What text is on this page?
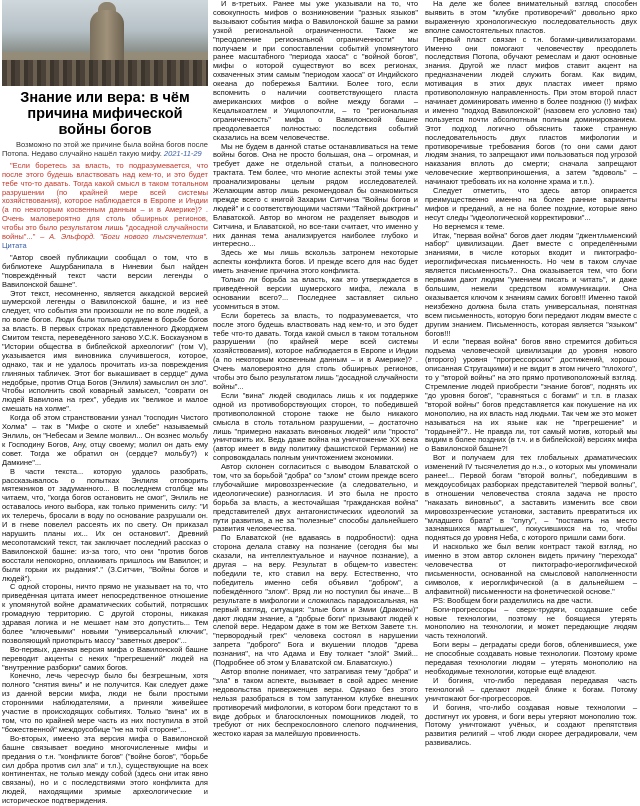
Знание или вера: в чём причина мифической войны богов
Возможно по этой же причине была война богов после Потопа. Недаво случайно нашёл такую мифу. 2021-11-29

"Если боретесь за власть, то подразумевается, что после этого будешь властвовать над кем-то, и это будет тебе что-то давать. Тогда какой смысл в таком тотальном разрушении (по крайней мере всей системы хозяйствования), которое наблюдается в Европе и Индии (а по некоторым косвенным данным – и в Америке)? . Очень маловероятно для столь обширных регионов, чтобы это было результатом лишь "досадной случайности войны"..." – А. Эльфорд. "Боги нового тысячелетия". Цитата

"Автор своей публикации сообщал о том, что в библиотеке Ашурбанипала в Ниневии был найден "повреждённый текст части версии легенды о Вавилонской башне".

Этот текст, несомненно, является аккадской версией шумерской легенды о Вавилонской башне, и из неё следует, что события эти произошли не по воле людей, а по воле богов. Люди были только орудием в борьбе богов за власть. В первых строках представленного Джорджем Смитом текста, переведённого заново У.С.К. Боскауэном в "Истории общества в библейской археологии" (том V), указывается имя виновника случившегося, которое, однако, так и не удалось прочитать из-за повреждения глиняных табличек. Этот бог выкашивает в сердце" дума недобрые, против Отца Богов (Энлиля) замыслил он зло". Чтобы исполнить свой коварный замысел, "соврати он людей Вавилона на грех", убедив их "великое и малое смешать на холме".

Когда об этом странствовании узнал "господин Чистого Холма" – так в "Мифе о скоте и хлебе" называемый Энлиль, он "Небесам и Земле молвил... Он вознес мольбу к Господину Богов, Ану, отцу своему; молил он дать ему совет. Тогда же обратил он (сердце? мольбу?) к Дамкине"...

В части текста... которую удалось разобрать, рассказывалось о попытках Энлиля отговорить мятежников от задуманного... В последнем столбце мы читаем, что, "когда богов остановить не смог", Энлиль не оставалось иного выбора, как только применить силу: "И их телеречь, бросали в воду по основание разрушали он. И в гневе повелел рассеять их по свету. Он приказал нарушить планы их... Их он остановил". Древний месопотамский текст, так заключает последний рассказ о Вавилонской башне: из-за того, что они "против богов восстали непокорно, оплакивать пришлось им Вавилон; и были горьки их рыдания"." (З.Ситчин, "Войны богов и людей").

С одной стороны, ничто прямо не указывает на то, что приведённая цитата имеет непосредственное отношение к упомянутой войне драматических событий, потрясших громадную территорию. С другой стороны, никакая здравая логика и не мешает нам это допустить... Тем более "ключевыми" новыми "универсальный ключик", позволяющий приоткрыть массу "заветных дверок"...

Во-первых, данная версия мифа о Вавилонской башне переводит акценты с неких "прегрешений" людей на "внутренние разборки" самих богов.

Конечно, лечь чересчур было бы безгрешным, хотя полного "снятия вины" и не получится. Как следует даже из данной версии мифа, люди не были простыми сторонними наблюдателями, а приняли живейшее участие в происходящих событиях. Только "вина" их в том, что по крайней мере часть из них поступила в этой "божественной" междоусобице "не на той стороне"...

Во-вторых, имеено эта версия мифа о Вавилонской башне связывает воедино многочисленные мифы и предания о т.н. "конфликте богов" ("войне богов", "борьбе сил добра против сил зла" и т.п.), существующие на всех континентах, не только между собой (здесь они итак явно связаны), но и с последствиями этого конфликта для людей, находящими зримые археологические и историческое подтверждения.

И в-третьих. Ранее мы уже указывали на то, что совокупность мифов о возникновении "разных языков" вызывают события мифа о Вавилонской башне за рамки узкой региональной ограниченности. Также же "преодоление региональной ограниченности" мы получаем и при сопоставлении событий упомянутого ранее масштабного "периода хаоса" с "войной богов", мифы о которой существуют во всех регионах, охваченных этим самым "периодом хаоса" от Индийского океана до побережья Балтики. Более того, если вспомнить о наличии соответствующего пласта американских мифов о войне между богами – Кецалькоатлем и Уицилопочтли, – то "региональная ограниченность" мифа о Вавилонской башне преодолевается полностью: последствия событий сказались на всем человечестве.

Мы не будем в данной статье останавливаться на теме войны богов. Она не просто большая, она – огромная, и требует даже не отдельной статьи, а полновесного трактата. Тем более, что многие аспекты этой темы уже проанализированы целым рядом исследователей. Желающим автор лишь рекомендовал бы ознакомиться прежде всего с книгой Захарии Ситчина "Войны богов и людей" и с соответствующими частями "Тайной доктрины" Блаватской. Автор во многом не разделяет выводов и Ситчина, и Блаватской, но все-таки считает, что именно у них данная тема анализируется наиболее глубоко и интересно...

Здесь же мы лишь вскользь затронем некоторые аспекты конфликта богов. И прежде всего для нас будет иметь значение причина этого конфликта.

Только ли борьба за власть, как это утверждается в приведённой версии шумерского мифа, лежала в основании всего?... Последнее заставляет сильно усомниться в этом.

Если боретесь за власть, то подразумевается, что после этого будешь властвовать над кем-то, и это будет тебе что-то давать. Тогда какой смысл в таком тотальном разрушении (по крайней мере всей системы хозяйствования), которое наблюдается в Европе и Индии (а по некоторым косвенным данным – и в Америке)? . Очень маловероятно для столь обширных регионов, чтобы это было результатом лишь "досадной случайности войны"...

Если "вина" людей сводилась лишь к их поддержке одной из противоборствующих сторон, то победившей противоположной стороне также не было никакого смысла в столь тотальном разрушении, – достаточно лишь "примерно наказать виновных людей" или "просто" уничтожить их. Ведь даже война на уничтожение XX века (автор имеет в виду политику фашистской Германии) не сопровождалась полным уничтожением экономики.

Автор склонен согласиться с выводом Блаватской о том, что за борьбой "добра" со "злом" стоим прежде всего глубочайшие мировоззренческие (а следовательно, и идеологические) разногласия. И это была не просто борьба за власть, а жесточайшая "гражданская война" представителей двух антагонистических идеологий за пути развития, а не за "полезные" способы дальнейшего развития человечества.

По Блаватской (не вдаваясь в подробности): одна сторона делала ставку на познание (сегодня бы мы сказали, на интеллектуальное и научное познание), а другая – на веру. Результат в общем-то известен: победили те, кто ставил на веру. Естественно, что победитель именно себя объявил "добром", а побеждённого "злом". Вряд ли но поступил бы иначе... В результате в мифологии и сложилась парадоксальная, на первый взгляд, ситуация: "злые боги и Змии (Драконы)" дают людям знание, а "добрые боги" призывают людей к слепой вере. Недаром даже в том же Ветхом Завете т.н. "первородный грех" человека состоял в нарушении запрета "доброго" Бога и вкушении плодов "древа познания", на что Адама и Еву толкает "злой" Змий... (Подробнее об этом у Блаватской см. Блаватскую.)

Автор вполне понимает, что затрагивая тему "добра" и "зла" в таком аспекте, вызывает в свой адрес мнение недовольства приверженцев веры. Однако без этого нельзя разобраться в том запутанном клубке внешних противоречий мифологии, в котором боги предстают то в виде добрых и благосклонных помощников людей, то требуют от них беспрекословного слепого подчинения, жестоко карая за малейшую провинность.

На деле же более внимательный взгляд способен выявить в этом "клубке противоречий" довольно ярко выраженную хронологическую последовательность двух вполне самостоятельных пластов.

Первый пласт связан с т.н. богами-цивилизаторами. Именно они помогают человечеству преодолеть последствия Потопа, обучают ремеслам и дают основные знания. Другой же пласт мифов ставит акцент на предназначении людей служить богам. Как видим, мотивация в этих двух пластах имеет прямо противоположную направленность. При этом второй пласт начинает доминировать именно в более позднюю (!) мифах и именно "подход Вавилонской" (назовем его условно так) пользуется почти абсолютным полным доминированием. Этот подход логично объяснить также странную последовательность двух пластов мифологии и противоречивые требования богов (то они сами дают людям знания, то запрещают ими пользоваться под угрозой наказания вплоть до смерти; сначала запрещают человеческие жертвоприношения, а затем "вдоволь" – начинают требовать их на колонне храма и т.п.).

Следует отметить, что здесь автор опирается преимущественно именно на более ранние варианты мифов и преданий, а не на более поздние, которые явно несут следы "идеологической корректировки"...

Но вернемся к теме.

Итак, "первая война" богов дает людям "джентльменский набор" цивилизации. Дает вместе с определёнными знаниями, в числе которых входит и пиктографо-иероглифическая письменность. Но чем в таком случае является письменность?.. Она оказывается тем, что боги первыми дают людям "умением писать и читать", и даже большим, нежели средством коммуникации. Она оказывается ключом к знаниям самих богов!!! Именно такой неизбежно должна была стать универсальная, понятная всем письменность, которую боги передают людям вместе с другим знанием. Письменность, которая является "языком" богов!!!

И если "первая война" богов явно стремится добиться подъема человеческой цивилизации до уровня нового (второго) уровня "прогрессорских" достижений, хорошо описанная Стругацкими) и не видит в этом ничего "плохого", то у "второй войны" на это прямо противоположный взгляд. Стремление людей приобрести "знание богов", поднять их "до уровня богов", "сравняться с богами" и т.п. в глазах "второй войны" богов представляется как покушение на их монополию, на их власть над людьми. Так чем же это может называться на их языке как не "прегрешение" и "гордыней"?.. Не правда ли, тот самый мотив, который мы видим в более поздних (в т.ч. и в библейской) версиях мифа о Вавилонской башне?!

Вот и получаем для тех глобальных драматических изменений IV тысячелетия до н.э., о которых мы упоминали ранее!... Первой богам "второй волны", победившим в междоусобицах разборках представителей "первой волны", в отношении человечества стояла задача не просто "наказать виновных", а заставить изменить все свои мировоззренческие установки, заставить превратиться их "младшего брата" в "спугу", – "поставить на место зазнавшихся мартышек", покусившихся на то, чтобы подняться до уровня Неба, с которого пришли сами боги.

И насколько же был велик контраст такой взгляд, но именно в этом автор склонен видеть причину "перехода" человечества от пиктографо-иероглифической письменности, основанной на смысловой наполненности символов, к иероглифической (а в дальнейшем – алфавитной) письменности на фонетической основе."

PS: Вообщем боги разделились на две части.

Боги-прогрессоры – сверх-трудяги, создавшие себе новые технологии, поэтому не боящиеся утерять монополию на технологии, и может передающие людям часть технологий.

Боги веры – деградаты среди богов, обленившиеся, уже не способные создавать новые технологии. Поэтому кроме передавая технологии людям – утерять монополию на необходимые технологии, которые ещё владеют.

И богиня, что-либо передавая передавая часть технологий – сделают людей ближе к богам. Потому уничтожают бог-прогрессоров.

И богиня, что-либо создавая новые технологии – достигнут их уровня, и боги веры утеряют монополию тож. Потому уничтожают учёных, и создают препятствия развития религий – чтоб люди скорее деградировали, чем развивались.
